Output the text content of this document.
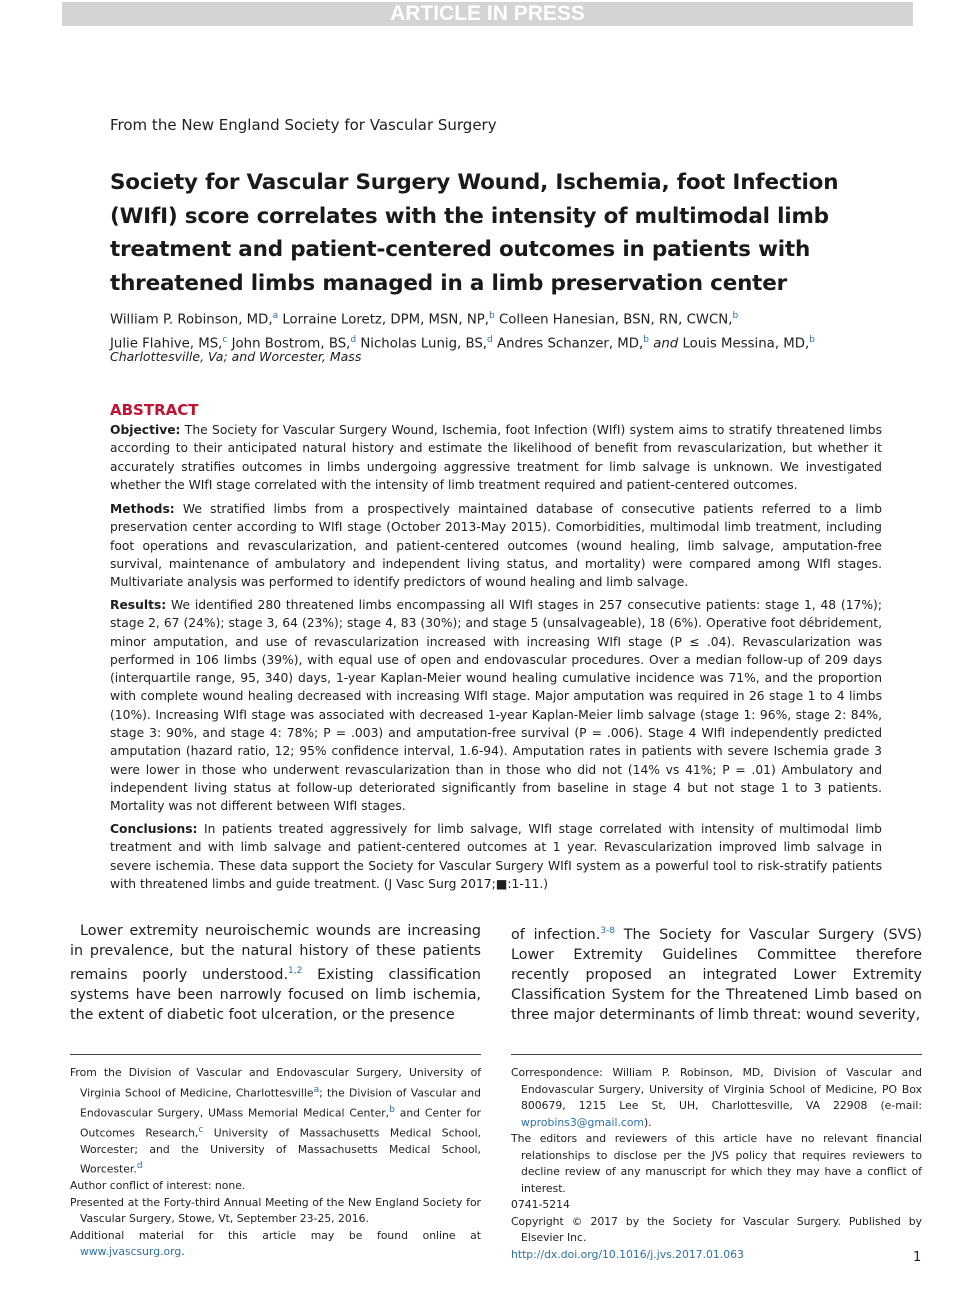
ARTICLE IN PRESS
From the New England Society for Vascular Surgery
Society for Vascular Surgery Wound, Ischemia, foot Infection (WIfI) score correlates with the intensity of multimodal limb treatment and patient-centered outcomes in patients with threatened limbs managed in a limb preservation center
William P. Robinson, MD,$^a$ Lorraine Loretz, DPM, MSN, NP,$^b$ Colleen Hanesian, BSN, RN, CWCN,$^b$
Julie Flahive, MS,$^c$ John Bostrom, BS,$^d$ Nicholas Lunig, BS,$^d$ Andres Schanzer, MD,$^b$ and Louis Messina, MD,$^b$
Charlottesville, Va; and Worcester, Mass
ABSTRACT

Objective: The Society for Vascular Surgery Wound, Ischemia, foot Infection (WIfI) system aims to stratify threatened limbs according to their anticipated natural history and estimate the likelihood of benefit from revascularization, but whether it accurately stratifies outcomes in limbs undergoing aggressive treatment for limb salvage is unknown. We investigated whether the WIfI stage correlated with the intensity of limb treatment required and patient-centered outcomes.

Methods: We stratified limbs from a prospectively maintained database of consecutive patients referred to a limb preservation center according to WIfI stage (October 2013-May 2015). Comorbidities, multimodal limb treatment, including foot operations and revascularization, and patient-centered outcomes (wound healing, limb salvage, amputation-free survival, maintenance of ambulatory and independent living status, and mortality) were compared among WIfI stages. Multivariate analysis was performed to identify predictors of wound healing and limb salvage.

Results: We identified 280 threatened limbs encompassing all WIfI stages in 257 consecutive patients: stage 1, 48 (17%); stage 2, 67 (24%); stage 3, 64 (23%); stage 4, 83 (30%); and stage 5 (unsalvageable), 18 (6%). Operative foot débridement, minor amputation, and use of revascularization increased with increasing WIfI stage (P ≤ .04). Revascularization was performed in 106 limbs (39%), with equal use of open and endovascular procedures. Over a median follow-up of 209 days (interquartile range, 95, 340) days, 1-year Kaplan-Meier wound healing cumulative incidence was 71%, and the proportion with complete wound healing decreased with increasing WIfI stage. Major amputation was required in 26 stage 1 to 4 limbs (10%). Increasing WIfI stage was associated with decreased 1-year Kaplan-Meier limb salvage (stage 1: 96%, stage 2: 84%, stage 3: 90%, and stage 4: 78%; P = .003) and amputation-free survival (P = .006). Stage 4 WIfI independently predicted amputation (hazard ratio, 12; 95% confidence interval, 1.6-94). Amputation rates in patients with severe Ischemia grade 3 were lower in those who underwent revascularization than in those who did not (14% vs 41%; P = .01) Ambulatory and independent living status at follow-up deteriorated significantly from baseline in stage 4 but not stage 1 to 3 patients. Mortality was not different between WIfI stages.

Conclusions: In patients treated aggressively for limb salvage, WIfI stage correlated with intensity of multimodal limb treatment and with limb salvage and patient-centered outcomes at 1 year. Revascularization improved limb salvage in severe ischemia. These data support the Society for Vascular Surgery WIfI system as a powerful tool to risk-stratify patients with threatened limbs and guide treatment. (J Vasc Surg 2017;■:1-11.)

Lower extremity neuroischemic wounds are increasing in prevalence, but the natural history of these patients remains poorly understood.$^{1,2}$ Existing classification systems have been narrowly focused on limb ischemia, the extent of diabetic foot ulceration, or the presence

of infection.$^{3-8}$ The Society for Vascular Surgery (SVS) Lower Extremity Guidelines Committee therefore recently proposed an integrated Lower Extremity Classification System for the Threatened Limb based on three major determinants of limb threat: wound severity,

From the Division of Vascular and Endovascular Surgery, University of Virginia School of Medicine, Charlottesville$^a$; the Division of Vascular and Endovascular Surgery, UMass Memorial Medical Center,$^b$ and Center for Outcomes Research,$^c$ University of Massachusetts Medical School, Worcester; and the University of Massachusetts Medical School, Worcester.$^d$
Author conflict of interest: none.
Presented at the Forty-third Annual Meeting of the New England Society for Vascular Surgery, Stowe, Vt, September 23-25, 2016.
Additional material for this article may be found online at www.jvascsurg.org.
Correspondence: William P. Robinson, MD, Division of Vascular and Endovascular Surgery, University of Virginia School of Medicine, PO Box 800679, 1215 Lee St, UH, Charlottesville, VA 22908 (e-mail: wprobins3@gmail.com).
The editors and reviewers of this article have no relevant financial relationships to disclose per the JVS policy that requires reviewers to decline review of any manuscript for which they may have a conflict of interest.
0741-5214
Copyright © 2017 by the Society for Vascular Surgery. Published by Elsevier Inc.
http://dx.doi.org/10.1016/j.jvs.2017.01.063	1
